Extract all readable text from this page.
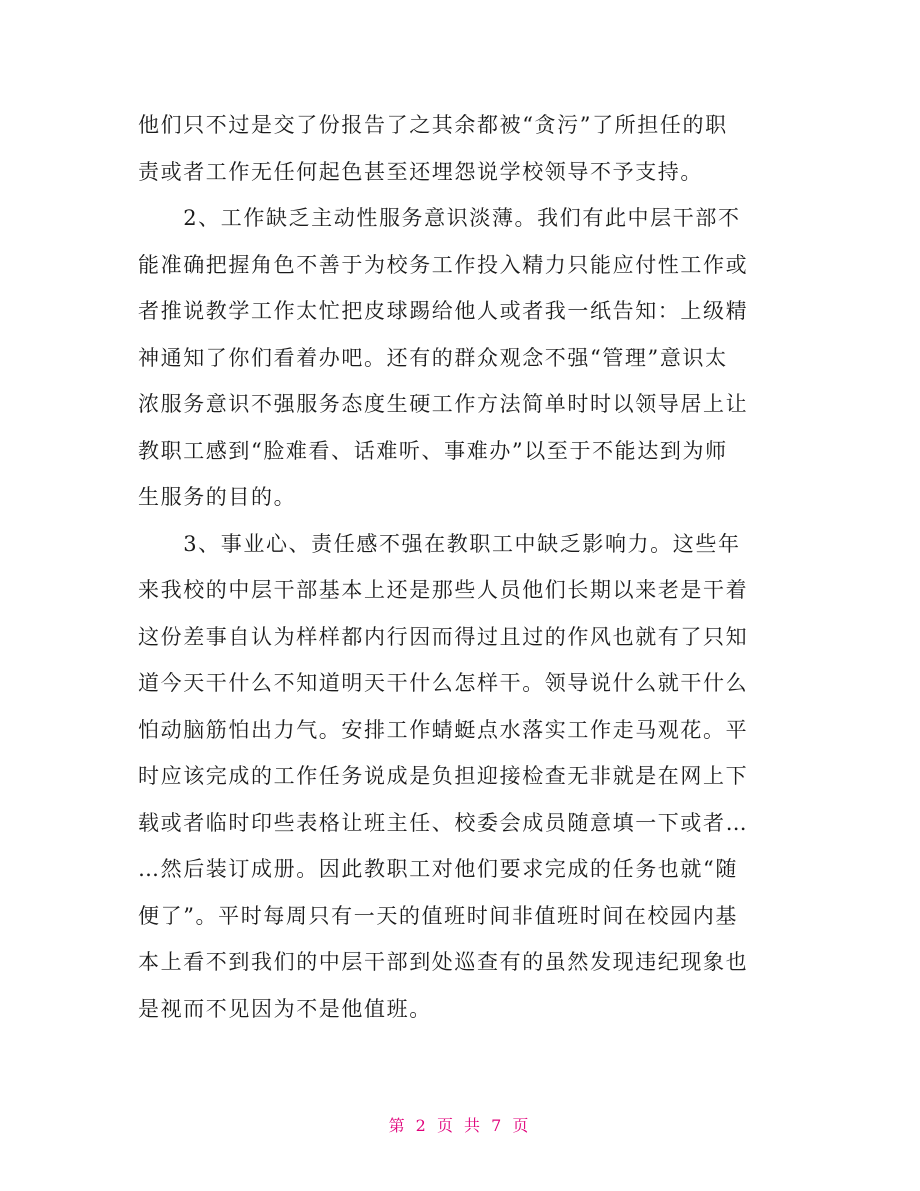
他们只不过是交了份报告了之其余都被“贪污”了所担任的职
责或者工作无任何起色甚至还埋怨说学校领导不予支持。
　　2、工作缺乏主动性服务意识淡薄。我们有此中层干部不
能准确把握角色不善于为校务工作投入精力只能应付性工作或
者推说教学工作太忙把皮球踢给他人或者我一纸告知：上级精
神通知了你们看着办吧。还有的群众观念不强“管理”意识太
浓服务意识不强服务态度生硬工作方法简单时时以领导居上让
教职工感到“脸难看、话难听、事难办”以至于不能达到为师
生服务的目的。
　　3、事业心、责任感不强在教职工中缺乏影响力。这些年
来我校的中层干部基本上还是那些人员他们长期以来老是干着
这份差事自认为样样都内行因而得过且过的作风也就有了只知
道今天干什么不知道明天干什么怎样干。领导说什么就干什么
怕动脑筋怕出力气。安排工作蜻蜓点水落实工作走马观花。平
时应该完成的工作任务说成是负担迎接检查无非就是在网上下
载或者临时印些表格让班主任、校委会成员随意填一下或者…
…然后装订成册。因此教职工对他们要求完成的任务也就“随
便了”。平时每周只有一天的值班时间非值班时间在校园内基
本上看不到我们的中层干部到处巡查有的虽然发现违纪现象也
是视而不见因为不是他值班。
第 2 页 共 7 页
